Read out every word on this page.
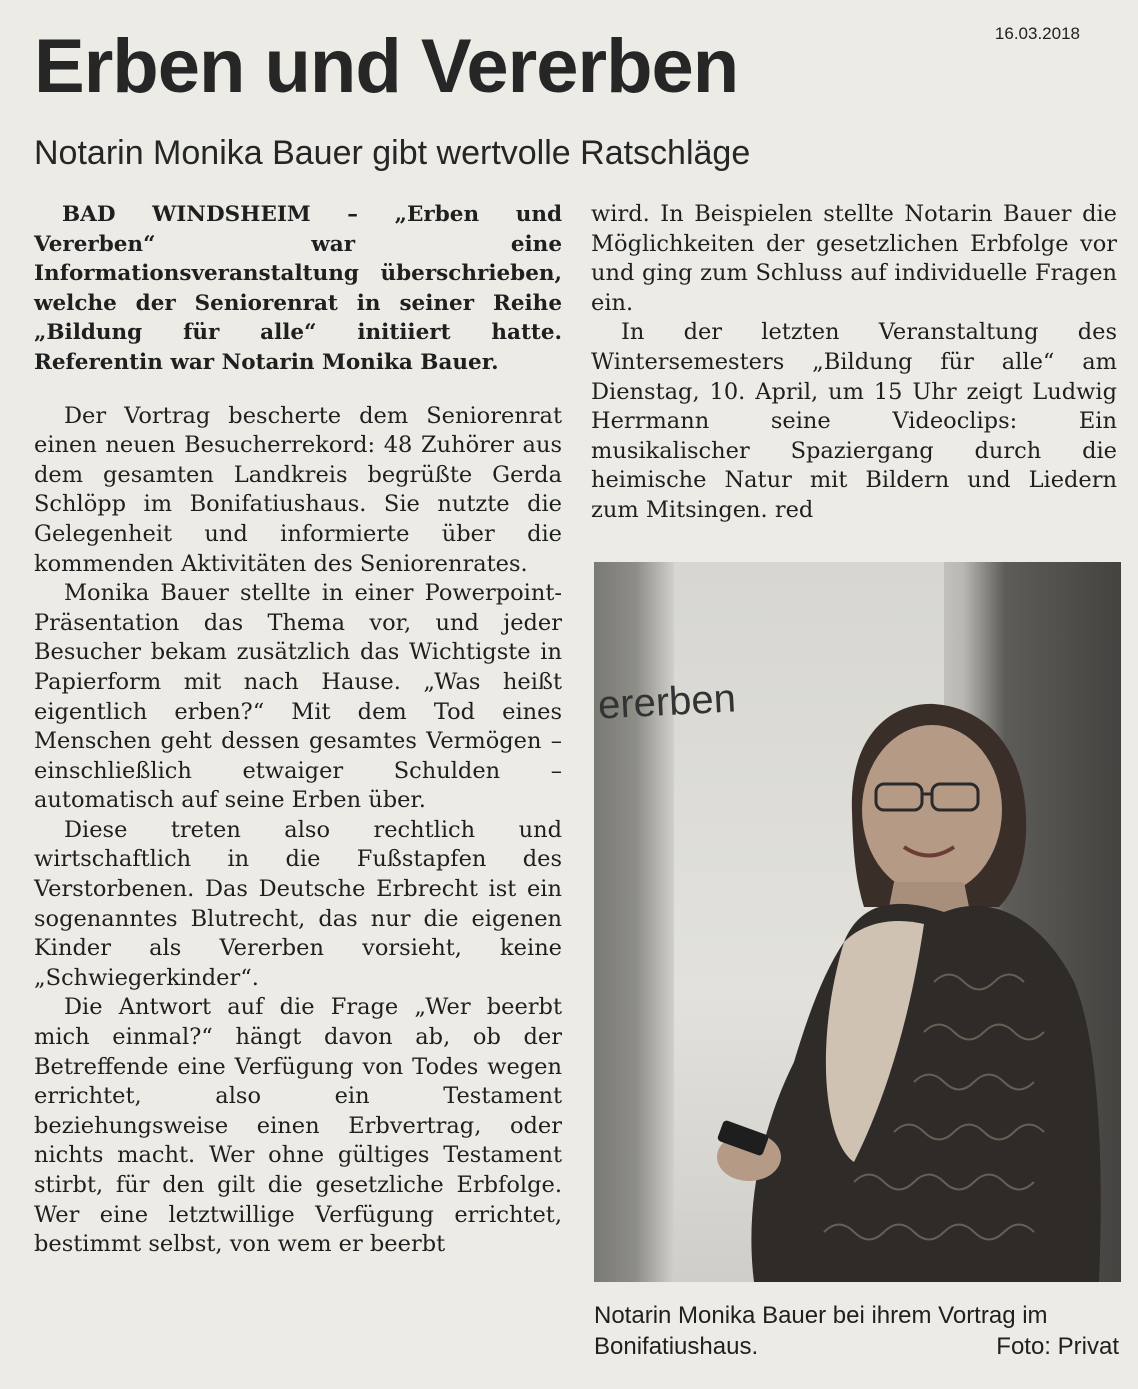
16.03.2018
Erben und Vererben
Notarin Monika Bauer gibt wertvolle Ratschläge

BAD WINDSHEIM – „Erben und Vererben“ war eine Informationsveranstaltung überschrieben, welche der Seniorenrat in seiner Reihe „Bildung für alle“ initiiert hatte. Referentin war Notarin Monika Bauer.

Der Vortrag bescherte dem Seniorenrat einen neuen Besucherrekord: 48 Zuhörer aus dem gesamten Landkreis begrüßte Gerda Schlöpp im Bonifatiushaus. Sie nutzte die Gelegenheit und informierte über die kommenden Aktivitäten des Seniorenrates.

Monika Bauer stellte in einer Powerpoint-Präsentation das Thema vor, und jeder Besucher bekam zusätzlich das Wichtigste in Papierform mit nach Hause. „Was heißt eigentlich erben?“ Mit dem Tod eines Menschen geht dessen gesamtes Vermögen – einschließlich etwaiger Schulden – automatisch auf seine Erben über.

Diese treten also rechtlich und wirtschaftlich in die Fußstapfen des Verstorbenen. Das Deutsche Erbrecht ist ein sogenanntes Blutrecht, das nur die eigenen Kinder als Vererben vorsieht, keine „Schwiegerkinder“.

Die Antwort auf die Frage „Wer beerbt mich einmal?“ hängt davon ab, ob der Betreffende eine Verfügung von Todes wegen errichtet, also ein Testament beziehungsweise einen Erbvertrag, oder nichts macht. Wer ohne gültiges Testament stirbt, für den gilt die gesetzliche Erbfolge. Wer eine letztwillige Verfügung errichtet, bestimmt selbst, von wem er beerbt

wird. In Beispielen stellte Notarin Bauer die Möglichkeiten der gesetzlichen Erbfolge vor und ging zum Schluss auf individuelle Fragen ein.

In der letzten Veranstaltung des Wintersemesters „Bildung für alle“ am Dienstag, 10. April, um 15 Uhr zeigt Ludwig Herrmann seine Videoclips: Ein musikalischer Spaziergang durch die heimische Natur mit Bildern und Liedern zum Mitsingen. red

ererben
Notarin Monika Bauer bei ihrem Vortrag im Bonifatiushaus.	Foto: Privat
